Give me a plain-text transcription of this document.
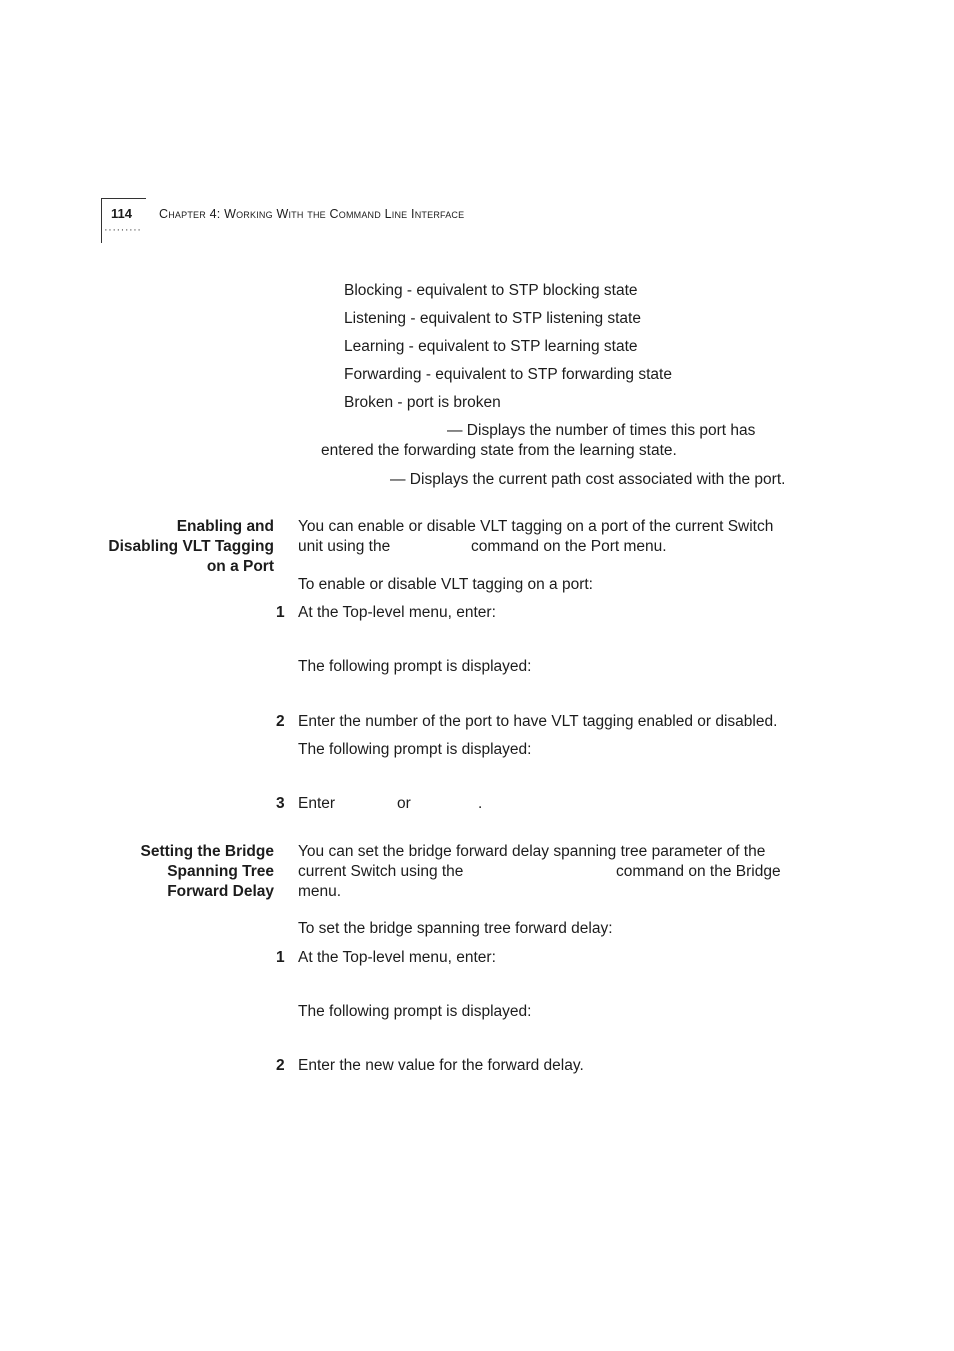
114
·········
Chapter 4: Working With the Command Line Interface
Blocking - equivalent to STP blocking state
Listening - equivalent to STP listening state
Learning - equivalent to STP learning state
Forwarding - equivalent to STP forwarding state
Broken - port is broken
— Displays the number of times this port has
entered the forwarding state from the learning state.
— Displays the current path cost associated with the port.
Enabling and
Disabling VLT Tagging
on a Port
You can enable or disable VLT tagging on a port of the current Switch
unit using the	command on the Port menu.
To enable or disable VLT tagging on a port:
1 At the Top-level menu, enter:
The following prompt is displayed:
2 Enter the number of the port to have VLT tagging enabled or disabled.
The following prompt is displayed:
3 Enter	or	.
Setting the Bridge
Spanning Tree
Forward Delay
You can set the bridge forward delay spanning tree parameter of the
current Switch using the	command on the Bridge
menu.
To set the bridge spanning tree forward delay:
1 At the Top-level menu, enter:
The following prompt is displayed:
2 Enter the new value for the forward delay.
